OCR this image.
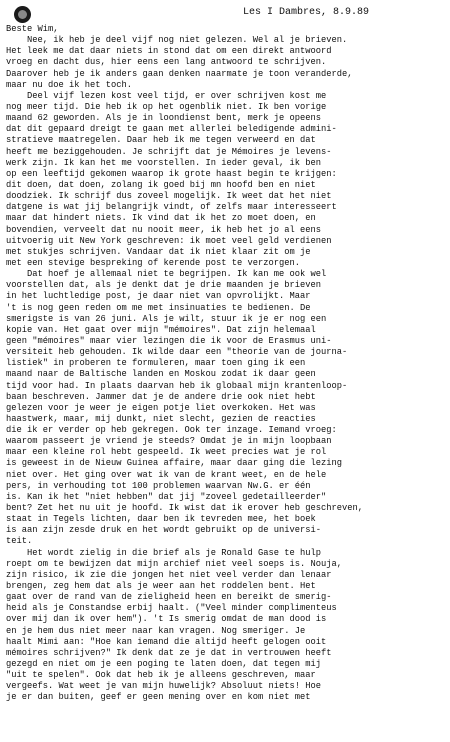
Les I Dambres, 8.9.89
Beste Wim,
Nee, ik heb je deel vijf nog niet gelezen. Wel al je brieven.
Het leek me dat daar niets in stond dat om een direkt antwoord
vroeg en dacht dus, hier eens een lang antwoord te schrijven.
Daarover heb je ik anders gaan denken naarmate je toon veranderde,
maar nu doe ik het toch.
Deel vijf lezen kost veel tijd, er over schrijven kost me
nog meer tijd. Die heb ik op het ogenblik niet. Ik ben vorige
maand 62 geworden. Als je in loondienst bent, merk je opeens
dat dit gepaard dreigt te gaan met allerlei beledigende admini-
stratieve maatregelen. Daar heb ik me tegen verweerd en dat
heeft me beziggehouden. Je schrijft dat je Mémoires je levens-
werk zijn. Ik kan het me voorstellen. In ieder geval, ik ben
op een leeftijd gekomen waarop ik grote haast begin te krijgen:
dit doen, dat doen, zolang ik goed bij mn hoofd ben en niet
doodziek. Ik schrijf dus zoveel mogelijk. Ik weet dat het niet
datgene is wat jij belangrijk vindt, of zelfs maar interesseert
maar dat hindert niets. Ik vind dat ik het zo moet doen, en
bovendien, verveelt dat nu nooit meer, ik heb het jo al eens
uitvoerig uit New York geschreven: ik moet veel geld verdienen
met stukjes schrijven. Vandaar dat ik niet klaar zit om je
met een stevige bespreking of kerende post te verzorgen.
Dat hoef je allemaal niet te begrijpen. Ik kan me ook wel
voorstellen dat, als je denkt dat je drie maanden je brieven
in het luchtledige post, je daar niet van opvrolijkt. Maar
't is nog geen reden om me met insinuaties te bedienen. De
smerigste is van 26 juni. Als je wilt, stuur ik je er nog een
kopie van. Het gaat over mijn "mémoires". Dat zijn helemaal
geen "mémoires" maar vier lezingen die ik voor de Erasmus uni-
versiteit heb gehouden. Ik wilde daar een "theorie van de journa-
listiek" in proberen te formuleren, maar toen ging ik een
maand naar de Baltische landen en Moskou zodat ik daar geen
tijd voor had. In plaats daarvan heb ik globaal mijn krantenloop-
baan beschreven. Jammer dat je de andere drie ook niet hebt
gelezen voor je weer je eigen potje liet overkoken. Het was
haastwerk, maar, mij dunkt, niet slecht, gezien de reacties
die ik er verder op heb gekregen. Ook ter inzage. Iemand vroeg:
waarom passeert je vriend je steeds? Omdat je in mijn loopbaan
maar een kleine rol hebt gespeeld. Ik weet precies wat je rol
is geweest in de Nieuw Guinea affaire, maar daar ging die lezing
niet over. Het ging over wat ik van de krant weet, en de hele
pers, in verhouding tot 100 problemen waarvan Nw.G. er één
is. Kan ik het "niet hebben" dat jij "zoveel gedetailleerder"
bent? Zet het nu uit je hoofd. Ik wist dat ik erover heb geschreven,
staat in Tegels lichten, daar ben ik tevreden mee, het boek
is aan zijn zesde druk en het wordt gebruikt op de universi-
teit.
Het wordt zielig in die brief als je Ronald Gase te hulp
roept om te bewijzen dat mijn archief niet veel soeps is. Nouja,
zijn risico, ik zie die jongen het niet veel verder dan lenaar
brengen, zeg hem dat als je weer aan het roddelen bent. Het
gaat over de rand van de zieligheid heen en bereikt de smerig-
heid als je Constandse erbij haalt. ("Veel minder complimenteus
over mij dan ik over hem"). 't Is smerig omdat de man dood is
en je hem dus niet meer naar kan vragen. Nog smeriger. Je
haalt Mimi aan: "Hoe kan iemand die altijd heeft gelogen ooit
mémoires schrijven?" Ik denk dat ze je dat in vertrouwen heeft
gezegd en niet om je een poging te laten doen, dat tegen mij
"uit te spelen". Ook dat heb ik je alleens geschreven, maar
vergeefs. Wat weet je van mijn huwelijk? Absoluut niets! Hoe
je er dan buiten, geef er geen mening over en kom niet met
